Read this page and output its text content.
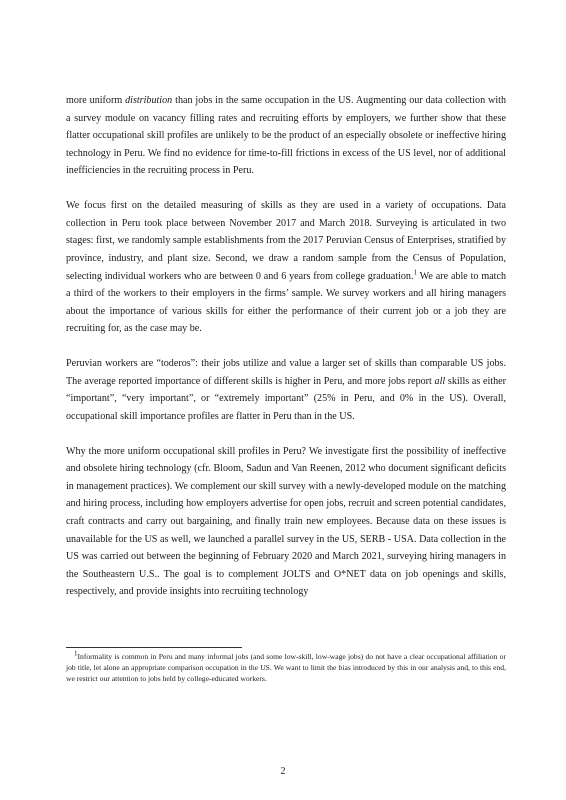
more uniform distribution than jobs in the same occupation in the US. Augmenting our data collection with a survey module on vacancy filling rates and recruiting efforts by employers, we further show that these flatter occupational skill profiles are unlikely to be the product of an especially obsolete or ineffective hiring technology in Peru. We find no evidence for time-to-fill frictions in excess of the US level, nor of additional inefficiencies in the recruiting process in Peru.

We focus first on the detailed measuring of skills as they are used in a variety of occupations. Data collection in Peru took place between November 2017 and March 2018. Surveying is articulated in two stages: first, we randomly sample establishments from the 2017 Peruvian Census of Enterprises, stratified by province, industry, and plant size. Second, we draw a random sample from the Census of Population, selecting individual workers who are between 0 and 6 years from college graduation.$^1$ We are able to match a third of the workers to their employers in the firms’ sample. We survey workers and all hiring managers about the importance of various skills for either the performance of their current job or a job they are recruiting for, as the case may be.

Peruvian workers are “toderos”: their jobs utilize and value a larger set of skills than comparable US jobs. The average reported importance of different skills is higher in Peru, and more jobs report all skills as either “important”, “very important”, or “extremely important” (25% in Peru, and 0% in the US). Overall, occupational skill importance profiles are flatter in Peru than in the US.

Why the more uniform occupational skill profiles in Peru? We investigate first the possibility of ineffective and obsolete hiring technology (cfr. Bloom, Sadun and Van Reenen, 2012 who document significant deficits in management practices). We complement our skill survey with a newly-developed module on the matching and hiring process, including how employers advertise for open jobs, recruit and screen potential candidates, craft contracts and carry out bargaining, and finally train new employees. Because data on these issues is unavailable for the US as well, we launched a parallel survey in the US, SERB - USA. Data collection in the US was carried out between the beginning of February 2020 and March 2021, surveying hiring managers in the Southeastern U.S.. The goal is to complement JOLTS and O*NET data on job openings and skills, respectively, and provide insights into recruiting technology

$^1$Informality is common in Peru and many informal jobs (and some low-skill, low-wage jobs) do not have a clear occupational affiliation or job title, let alone an appropriate comparison occupation in the US. We want to limit the bias introduced by this in our analysis and, to this end, we restrict our attention to jobs held by college-educated workers.

2
